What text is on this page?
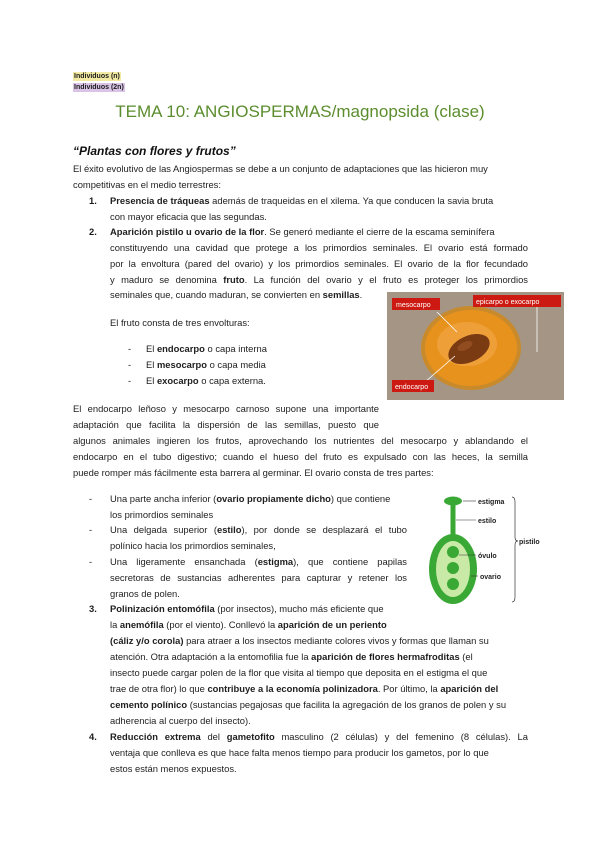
Individuos (n)
Individuos (2n)
TEMA 10: ANGIOSPERMAS/magnopsida (clase)
“Plantas con flores y frutos”
El éxito evolutivo de las Angiospermas se debe a un conjunto de adaptaciones que las hicieron muy
competitivas en el medio terrestres:
1. Presencia de tráqueas además de traqueidas en el xilema. Ya que conducen la savia bruta
con mayor eficacia que las segundas.
2. Aparición pistilo u ovario de la flor. Se generó mediante el cierre de la escama seminífera
constituyendo una cavidad que protege a los primordios seminales. El ovario está formado
por la envoltura (pared del ovario) y los primordios seminales. El ovario de la flor fecundado
y maduro se denomina fruto. La función del ovario y el fruto es proteger los primordios
seminales que, cuando maduran, se convierten en semillas.
El fruto consta de tres envolturas:
- El endocarpo o capa interna
- El mesocarpo o capa media
- El exocarpo o capa externa.
mesocarpo	epicarpo o exocarpo
endocarpo
El endocarpo leñoso y mesocarpo carnoso supone una importante
adaptación que facilita la dispersión de las semillas, puesto que
algunos animales ingieren los frutos, aprovechando los nutrientes del mesocarpo y ablandando el
endocarpo en el tubo digestivo; cuando el hueso del fruto es expulsado con las heces, la semilla
puede romper más fácilmente esta barrera al germinar. El ovario consta de tres partes:
- Una parte ancha inferior (ovario propiamente dicho) que contiene
los primordios seminales
- Una delgada superior (estilo), por donde se desplazará el tubo
polínico hacia los primordios seminales,
- Una ligeramente ensanchada (estigma), que contiene papilas
secretoras de sustancias adherentes para capturar y retener los
granos de polen.
estigma
estilo
óvulo
ovario
pistilo
3. Polinización entomófila (por insectos), mucho más eficiente que
la anemófila (por el viento). Conllevó la aparición de un periento
(cáliz y/o corola) para atraer a los insectos mediante colores vivos y formas que llaman su
atención. Otra adaptación a la entomofilia fue la aparición de flores hermafroditas (el
insecto puede cargar polen de la flor que visita al tiempo que deposita en el estigma el que
trae de otra flor) lo que contribuye a la economía polinizadora. Por último, la aparición del
cemento polínico (sustancias pegajosas que facilita la agregación de los granos de polen y su
adherencia al cuerpo del insecto).
4. Reducción extrema del gametofito masculino (2 células) y del femenino (8 células). La
ventaja que conlleva es que hace falta menos tiempo para producir los gametos, por lo que
estos están menos expuestos.
